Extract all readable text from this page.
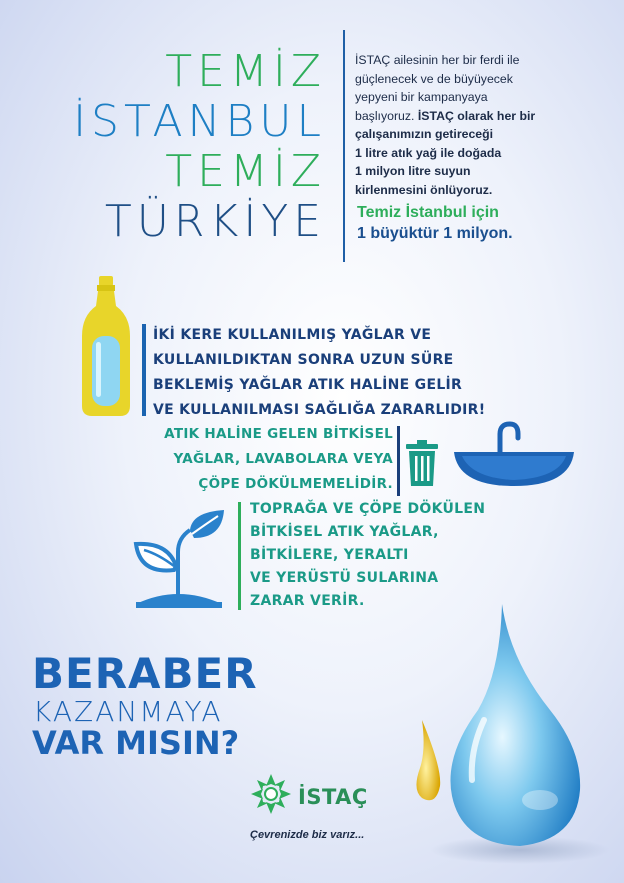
TEMİZ
İSTANBUL
TEMİZ
TÜRKİYE
İSTAÇ ailesinin her bir ferdi ile
güçlenecek ve de büyüyecek
yepyeni bir kampanyaya
başlıyoruz. İSTAÇ olarak her bir
çalışanımızın getireceği
1 litre atık yağ ile doğada
1 milyon litre suyun
kirlenmesini önlüyoruz.
Temiz İstanbul için
1 büyüktür 1 milyon.
İKİ KERE KULLANILMIŞ YAĞLAR VE
KULLANILDIKTAN SONRA UZUN SÜRE
BEKLEMİŞ YAĞLAR ATIK HALİNE GELİR
VE KULLANILMASI SAĞLIĞA ZARARLIDIR!
ATIK HALİNE GELEN BİTKİSEL
YAĞLAR, LAVABOLARA VEYA
ÇÖPE DÖKÜLMEMELİDİR.
TOPRAĞA VE ÇÖPE DÖKÜLEN
BİTKİSEL ATIK YAĞLAR,
BİTKİLERE, YERALTI
VE YERÜSTÜ SULARINA
ZARAR VERİR.
BERABER
KAZANMAYA
VAR MISIN?
İSTAÇ
Çevrenizde biz varız...
